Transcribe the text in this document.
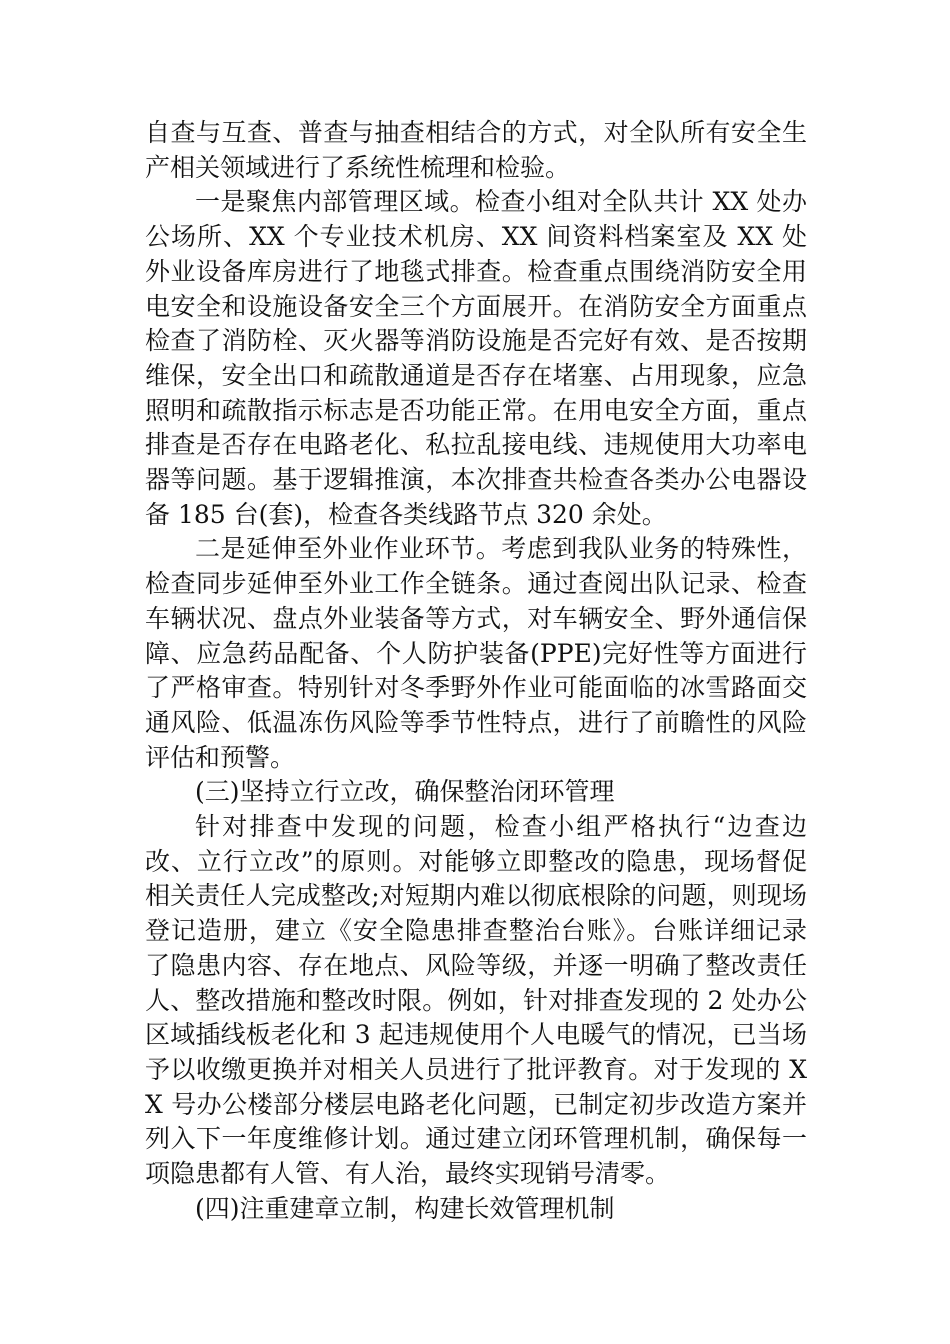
自查与互查、普查与抽查相结合的方式，对全队所有安全生产相关领域进行了系统性梳理和检验。

一是聚焦内部管理区域。检查小组对全队共计 XX 处办公场所、XX 个专业技术机房、XX 间资料档案室及 XX 处外业设备库房进行了地毯式排查。检查重点围绕消防安全用电安全和设施设备安全三个方面展开。在消防安全方面重点检查了消防栓、灭火器等消防设施是否完好有效、是否按期维保，安全出口和疏散通道是否存在堵塞、占用现象，应急照明和疏散指示标志是否功能正常。在用电安全方面，重点排查是否存在电路老化、私拉乱接电线、违规使用大功率电器等问题。基于逻辑推演，本次排查共检查各类办公电器设备 185 台(套)，检查各类线路节点 320 余处。

二是延伸至外业作业环节。考虑到我队业务的特殊性，检查同步延伸至外业工作全链条。通过查阅出队记录、检查车辆状况、盘点外业装备等方式，对车辆安全、野外通信保障、应急药品配备、个人防护装备(PPE)完好性等方面进行了严格审查。特别针对冬季野外作业可能面临的冰雪路面交通风险、低温冻伤风险等季节性特点，进行了前瞻性的风险评估和预警。

(三)坚持立行立改，确保整治闭环管理

针对排查中发现的问题，检查小组严格执行“边查边改、立行立改”的原则。对能够立即整改的隐患，现场督促相关责任人完成整改;对短期内难以彻底根除的问题，则现场登记造册，建立《安全隐患排查整治台账》。台账详细记录了隐患内容、存在地点、风险等级，并逐一明确了整改责任人、整改措施和整改时限。例如，针对排查发现的 2 处办公区域插线板老化和 3 起违规使用个人电暖气的情况，已当场予以收缴更换并对相关人员进行了批评教育。对于发现的 XX 号办公楼部分楼层电路老化问题，已制定初步改造方案并列入下一年度维修计划。通过建立闭环管理机制，确保每一项隐患都有人管、有人治，最终实现销号清零。

(四)注重建章立制，构建长效管理机制
